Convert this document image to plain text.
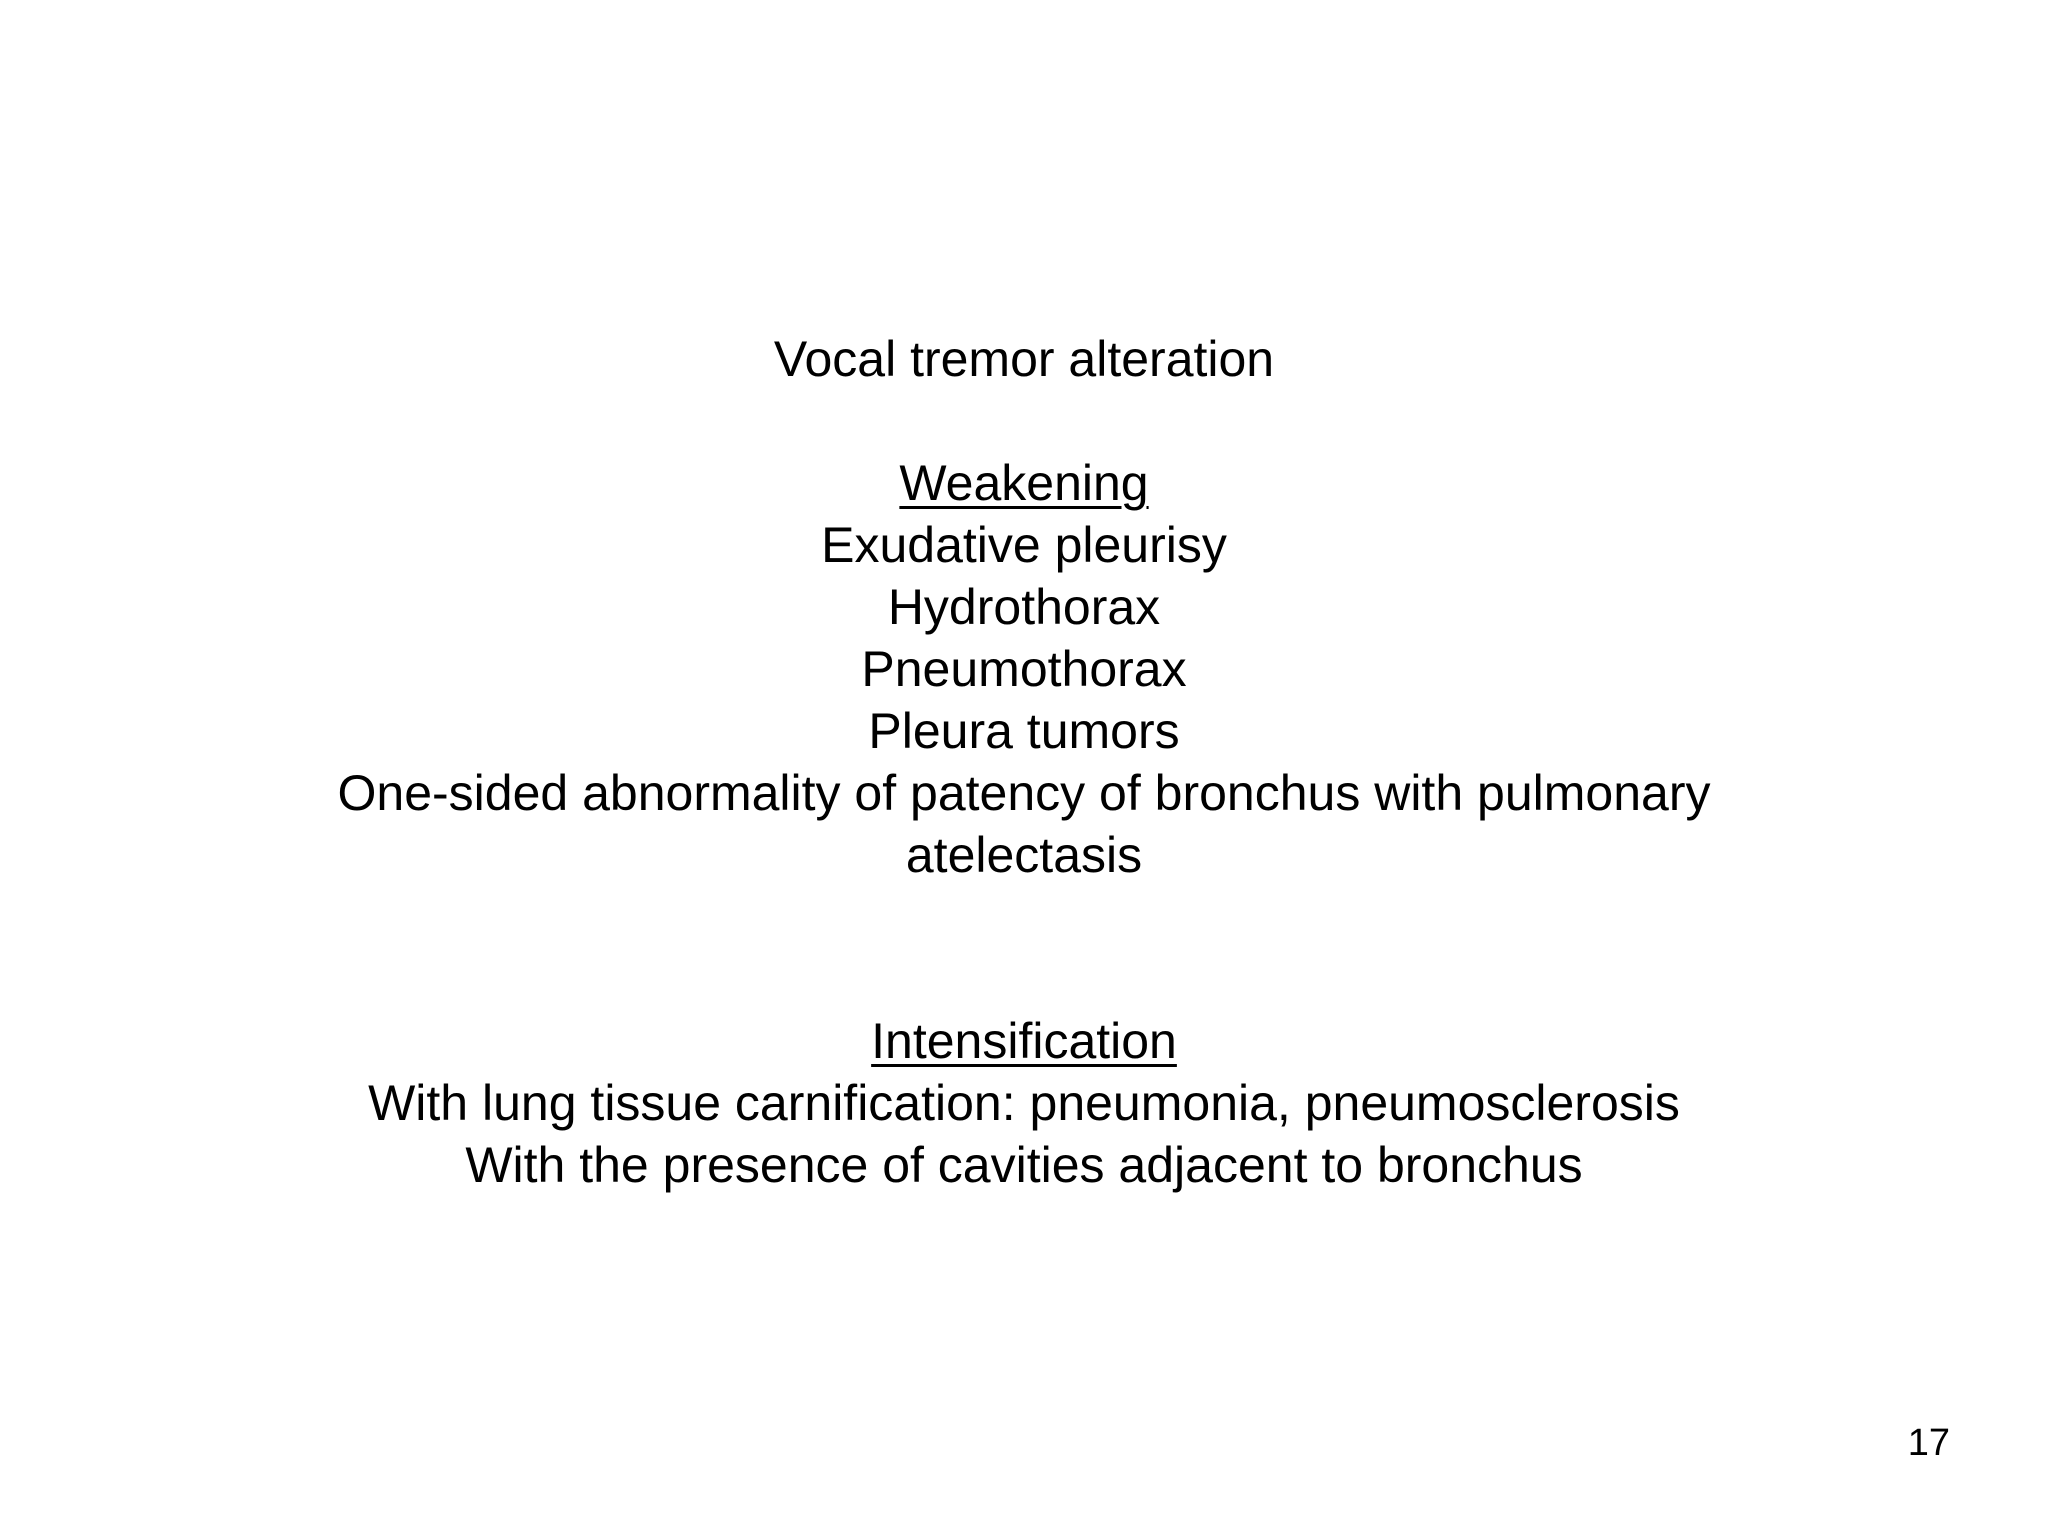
Vocal tremor alteration
Weakening
Exudative pleurisy
Hydrothorax
Pneumothorax
Pleura tumors
One-sided abnormality of patency of bronchus with pulmonary atelectasis
Intensification
With lung tissue carnification: pneumonia, pneumosclerosis
With the presence of cavities adjacent to bronchus
17
